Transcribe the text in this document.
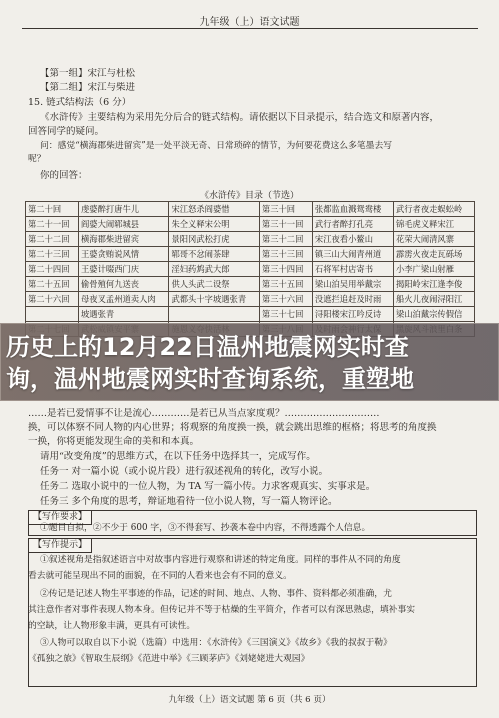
九年级（上）语文试题
【第一组】宋江与杜松
【第二组】宋江与柴进
15. 链式结构法（6 分）
《水浒传》主要结构为采用先分后合的链式结构。请依据以下目录提示，结合选文和原著内容，
回答同学的疑问。
问：感觉“横海郡柴进留宾”是一处平淡无奇、日常琐碎的情节，为何要花费这么多笔墨去写
呢？
你的回答：
《水浒传》目录（节选）
第二十回	虔婆醉打唐牛儿	宋江怒杀阎婆惜	第三十回	张都监血溅鸳鸯楼	武行者夜走蜈蚣岭
第二十一回	阎婆大闹郓城县	朱仝义释宋公明	第三十一回	武行者醉打孔亮	锦毛虎义释宋江
第二十二回	横海郡柴进留宾	景阳冈武松打虎	第三十二回	宋江夜看小鳌山	花荣大闹清风寨
第二十三回	王婆贪贿说风情	郓哥不忿闹茶肆	第三十三回	镇三山大闹青州道	霹雳火夜走瓦砾场
第二十四回	王婆计啜西门庆	淫妇药鸩武大郎	第三十四回	石将军村店寄书	小李广梁山射雁
第二十五回	偷骨殖何九送丧	供人头武二设祭	第三十五回	梁山泊吴用举戴宗	揭阳岭宋江逢李俊
第二十六回	母夜叉孟州道卖人肉	武都头十字坡遇张青	第三十六回	没遮拦追赶及时雨	船火儿夜闹浔阳江
	坡遇张青		第三十七回	浔阳楼宋江吟反诗	梁山泊戴宗传假信

……是若已爱情事不让是流心…………是若已从当点家度观？…………………………
换，可以体察不同人物的内心世界；将观察的角度换一换，就会跳出思维的框格；将思考的角度换
一换，你将更能发现生命的美和和本真。
请用“改变角度”的思维方式，在以下任务中选择其一，完成写作。
任务一 对一篇小说（或小说片段）进行叙述视角的转化，改写小说。
任务二 选取小说中的一位人物，为 TA 写一篇小传。力求客观真实、实事求是。
任务三 多个角度的思考，辩证地看待一位小说人物，写一篇人物评论。
【写作要求】
①题目自拟，②不少于 600 字，③不得套写、抄袭本卷中内容，不得透露个人信息。
【写作提示】
①叙述视角是指叙述语言中对故事内容进行观察和讲述的特定角度。同样的事件从不同的角度
看去就可能呈现出不同的面貌，在不同的人看来也会有不同的意义。
②传记是记述人物生平事迹的作品，记述的时间、地点、人物、事件、资料都必须准确，尤
其注意作者对事件表现人物本身。但传记并不等于枯燥的生平简介，作者可以有深思熟虑，填补事实
的空缺，让人物形象丰满，更具有可读性。
③人物可以取自以下小说（选篇）中选用：《水浒传》《三国演义》《故乡》《我的叔叔于勒》
《孤独之旅》《智取生辰纲》《范进中举》《三顾茅庐》《刘姥姥进大观园》
九年级（上）语文试题 第 6 页（共 6 页）
历史上的12月22日温州地震网实时查
询，温州地震网实时查询系统，重塑地
